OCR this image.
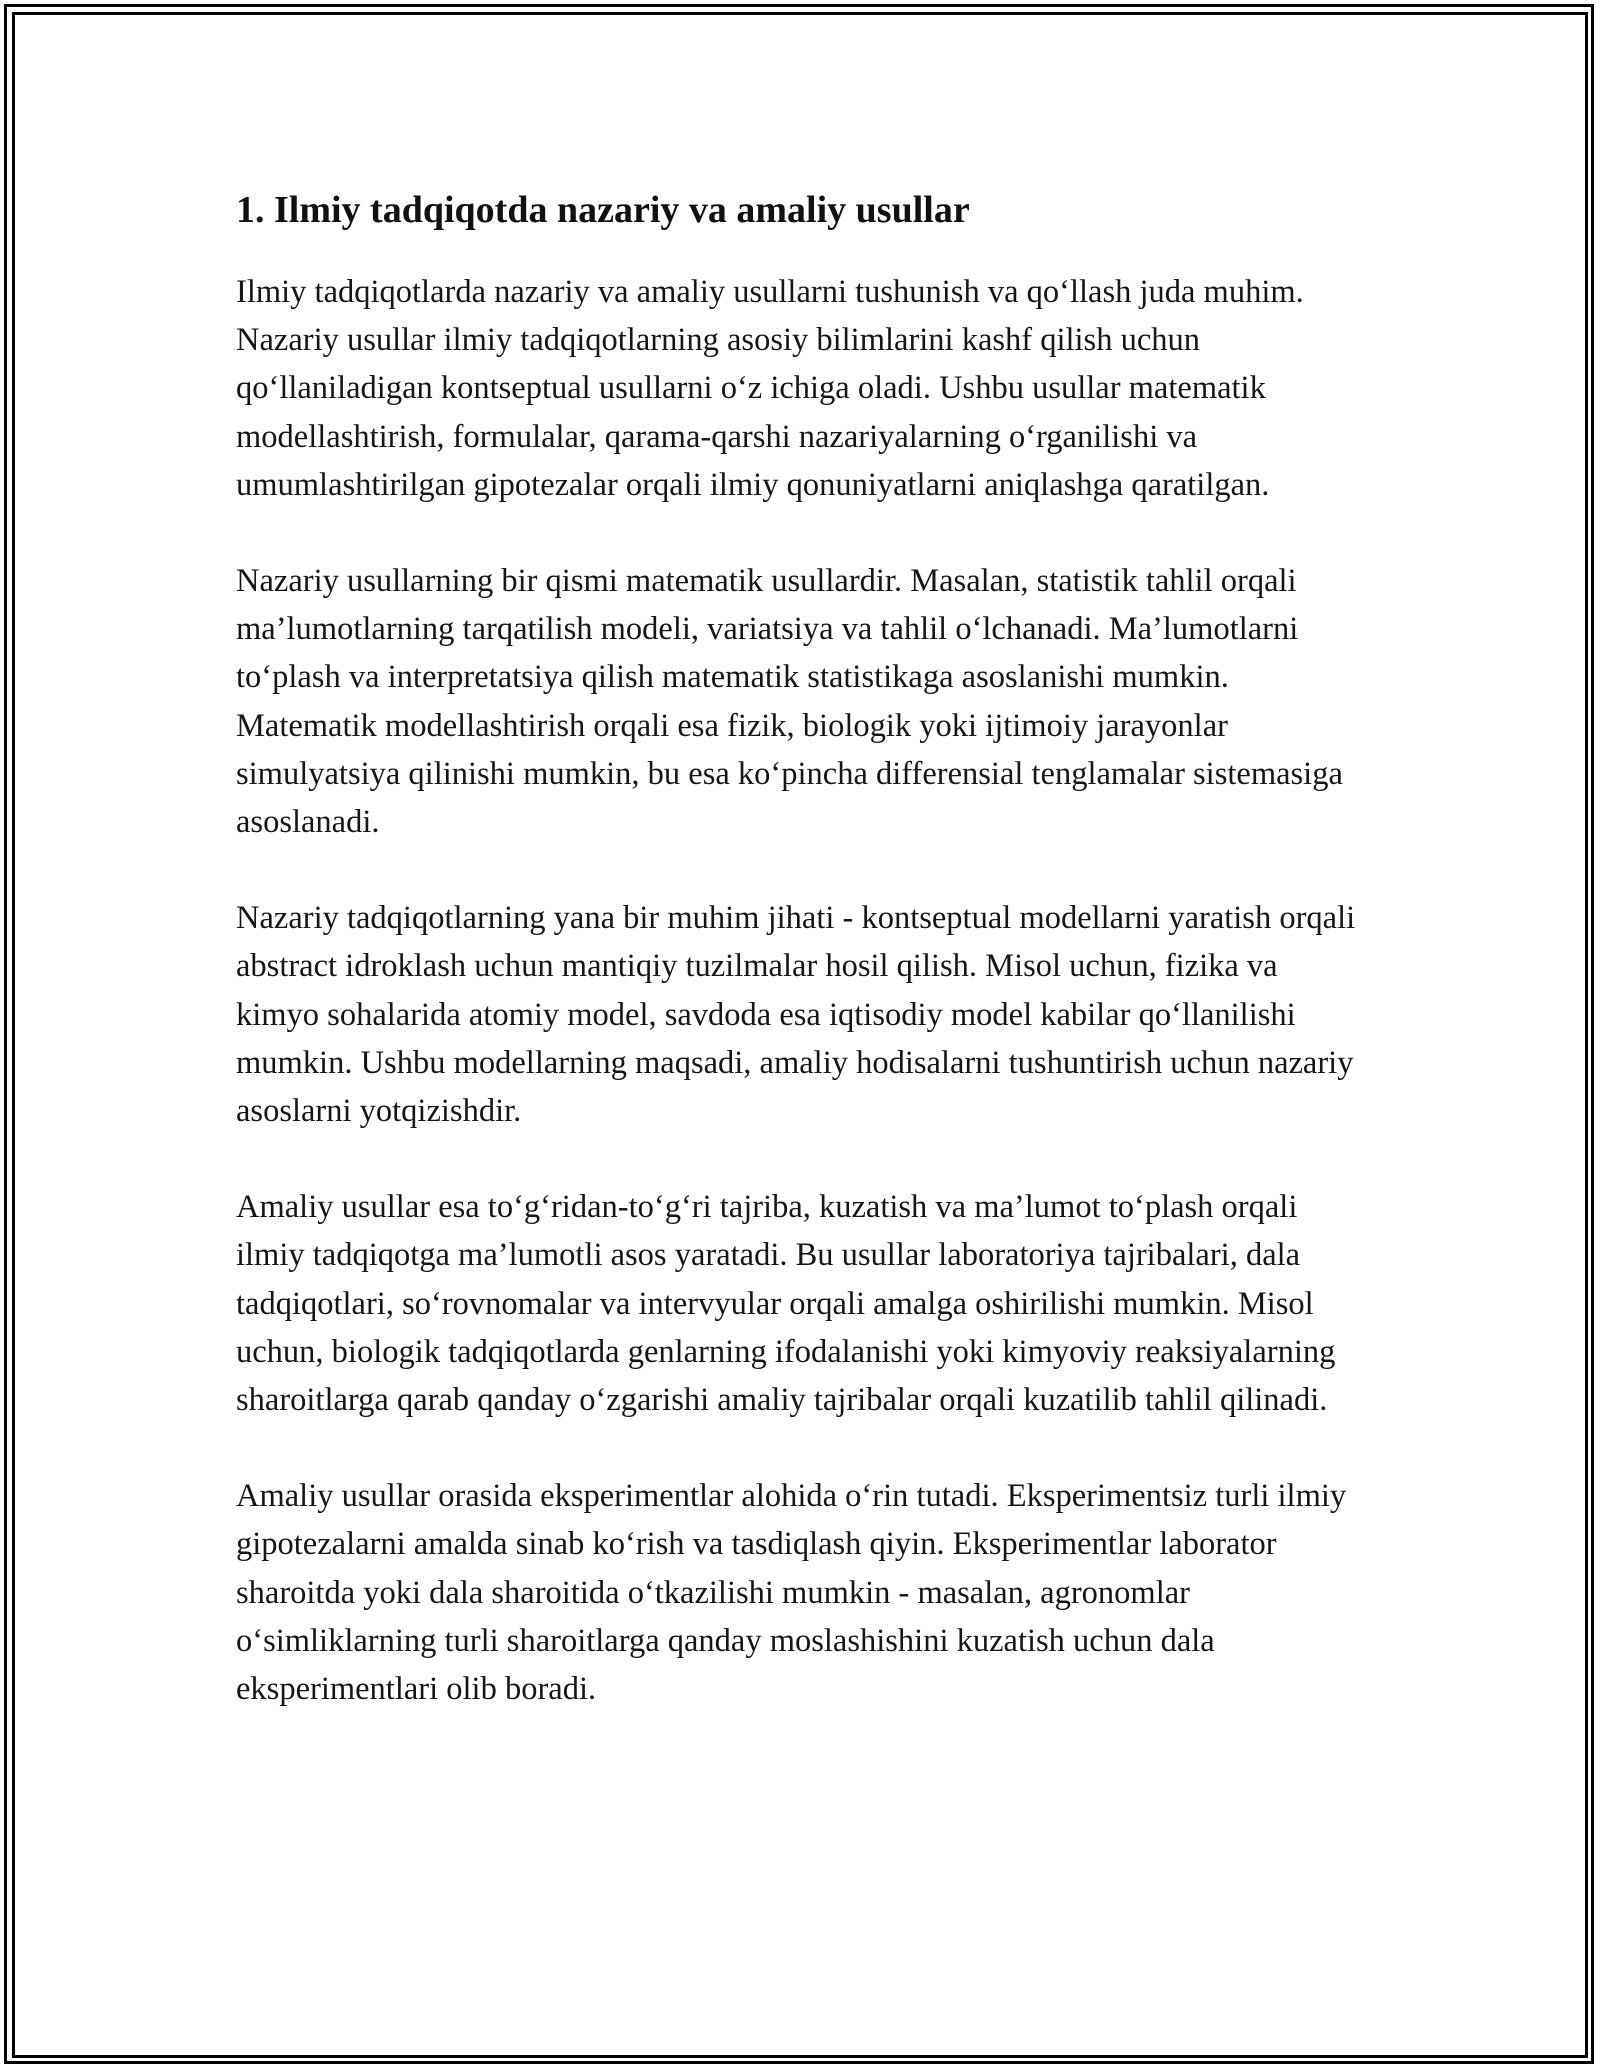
1. Ilmiy tadqiqotda nazariy va amaliy usullar

Ilmiy tadqiqotlarda nazariy va amaliy usullarni tushunish va qo‘llash juda muhim. Nazariy usullar ilmiy tadqiqotlarning asosiy bilimlarini kashf qilish uchun qo‘llaniladigan kontseptual usullarni o‘z ichiga oladi. Ushbu usullar matematik modellashtirish, formulalar, qarama-qarshi nazariyalarning o‘rganilishi va umumlashtirilgan gipotezalar orqali ilmiy qonuniyatlarni aniqlashga qaratilgan.

Nazariy usullarning bir qismi matematik usullardir. Masalan, statistik tahlil orqali ma’lumotlarning tarqatilish modeli, variatsiya va tahlil o‘lchanadi. Ma’lumotlarni to‘plash va interpretatsiya qilish matematik statistikaga asoslanishi mumkin. Matematik modellashtirish orqali esa fizik, biologik yoki ijtimoiy jarayonlar simulyatsiya qilinishi mumkin, bu esa ko‘pincha differensial tenglamalar sistemasiga asoslanadi.

Nazariy tadqiqotlarning yana bir muhim jihati - kontseptual modellarni yaratish orqali abstract idroklash uchun mantiqiy tuzilmalar hosil qilish. Misol uchun, fizika va kimyo sohalarida atomiy model, savdoda esa iqtisodiy model kabilar qo‘llanilishi mumkin. Ushbu modellarning maqsadi, amaliy hodisalarni tushuntirish uchun nazariy asoslarni yotqizishdir.

Amaliy usullar esa to‘g‘ridan-to‘g‘ri tajriba, kuzatish va ma’lumot to‘plash orqali ilmiy tadqiqotga ma’lumotli asos yaratadi. Bu usullar laboratoriya tajribalari, dala tadqiqotlari, so‘rovnomalar va intervyular orqali amalga oshirilishi mumkin. Misol uchun, biologik tadqiqotlarda genlarning ifodalanishi yoki kimyoviy reaksiyalarning sharoitlarga qarab qanday o‘zgarishi amaliy tajribalar orqali kuzatilib tahlil qilinadi.

Amaliy usullar orasida eksperimentlar alohida o‘rin tutadi. Eksperimentsiz turli ilmiy gipotezalarni amalda sinab ko‘rish va tasdiqlash qiyin. Eksperimentlar laborator sharoitda yoki dala sharoitida o‘tkazilishi mumkin - masalan, agronomlar o‘simliklarning turli sharoitlarga qanday moslashishini kuzatish uchun dala eksperimentlari olib boradi.
